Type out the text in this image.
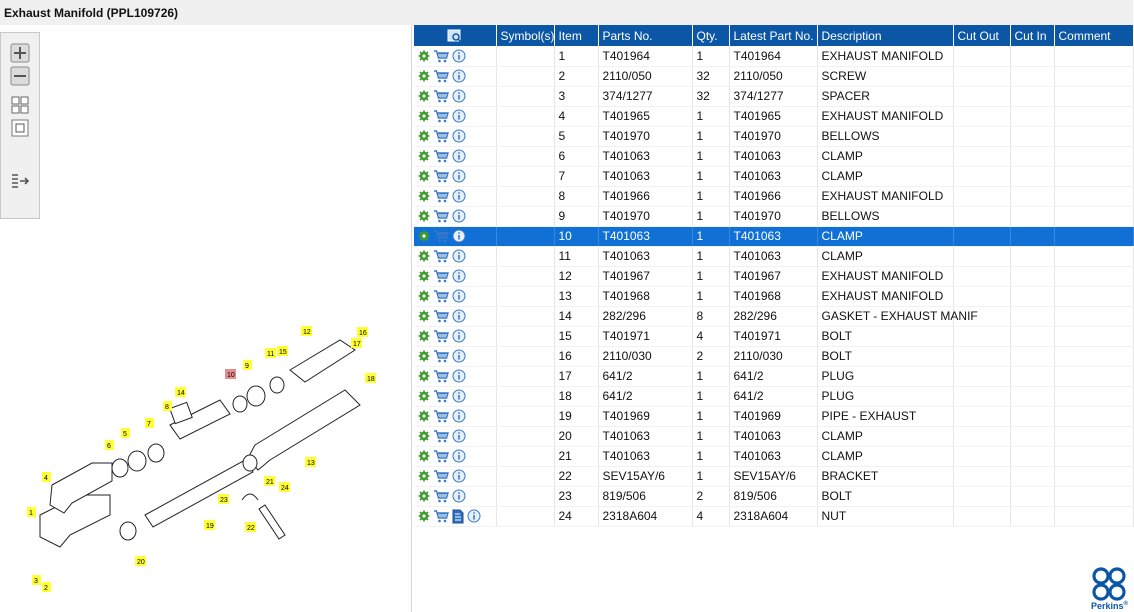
Exhaust Manifold (PPL109726)
1
2
3
4
5
6
7
8
9
10
11
12
13
14
15
16
17
18
19
20
21
22
23
24
	Symbol(s)	Item	Parts No.	Qty.	Latest Part No.	Description	Cut Out	Cut In	Comment
		1	T401964	1	T401964	EXHAUST MANIFOLD			
		2	2110/050	32	2110/050	SCREW			
		3	374/1277	32	374/1277	SPACER			
		4	T401965	1	T401965	EXHAUST MANIFOLD			
		5	T401970	1	T401970	BELLOWS			
		6	T401063	1	T401063	CLAMP			
		7	T401063	1	T401063	CLAMP			
		8	T401966	1	T401966	EXHAUST MANIFOLD			
		9	T401970	1	T401970	BELLOWS			
		10	T401063	1	T401063	CLAMP			
		11	T401063	1	T401063	CLAMP			
		12	T401967	1	T401967	EXHAUST MANIFOLD			
		13	T401968	1	T401968	EXHAUST MANIFOLD			
		14	282/296	8	282/296	GASKET - EXHAUST MANIF			
		15	T401971	4	T401971	BOLT			
		16	2110/030	2	2110/030	BOLT			
		17	641/2	1	641/2	PLUG			
		18	641/2	1	641/2	PLUG			
		19	T401969	1	T401969	PIPE - EXHAUST			
		20	T401063	1	T401063	CLAMP			
		21	T401063	1	T401063	CLAMP			
		22	SEV15AY/6	1	SEV15AY/6	BRACKET			
		23	819/506	2	819/506	BOLT			
		24	2318A604	4	2318A604	NUT			
Perkins®
